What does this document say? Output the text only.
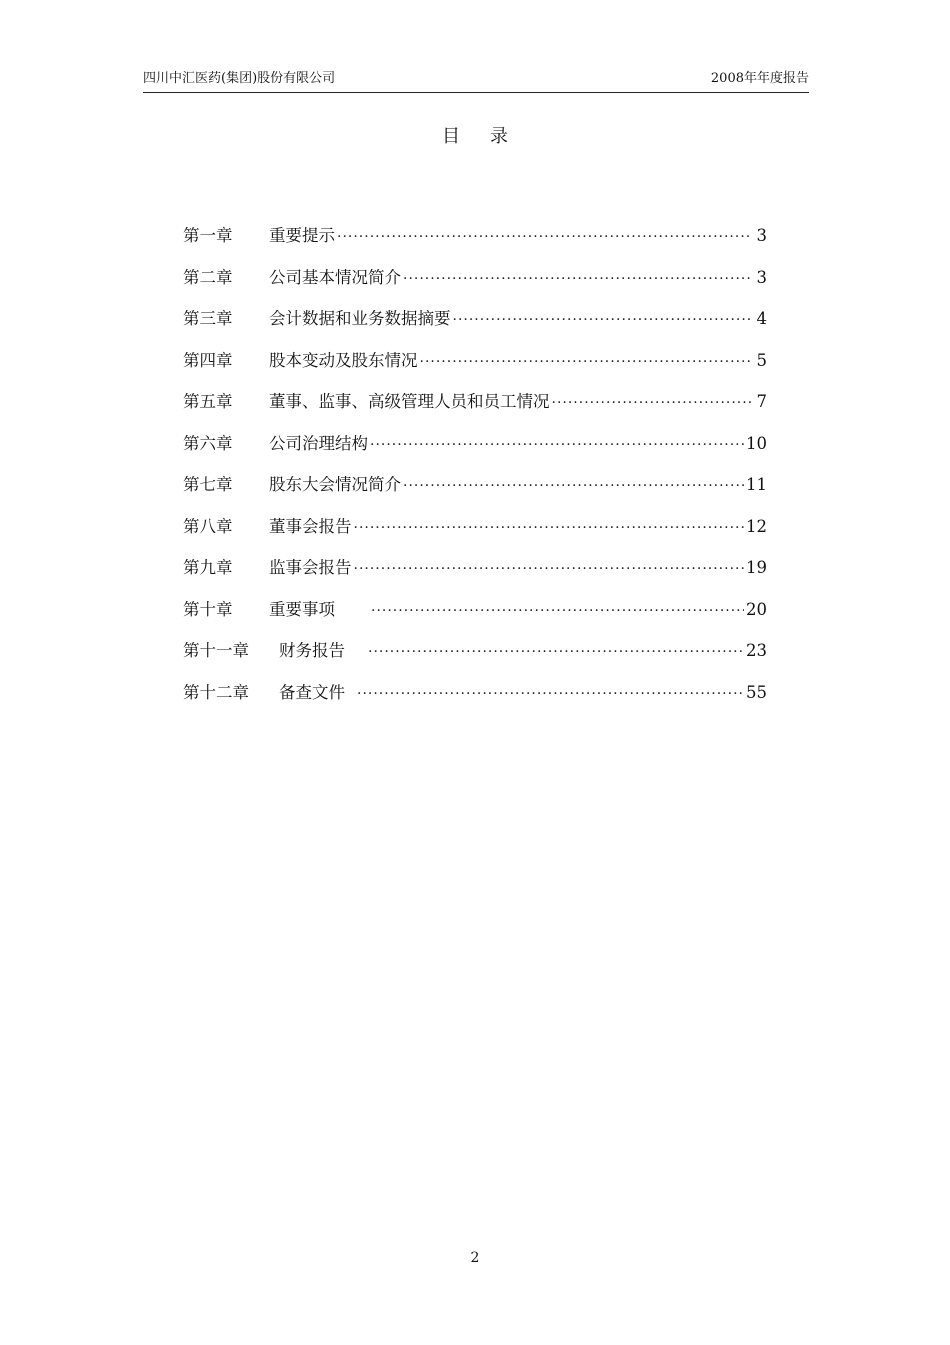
四川中汇医药(集团)股份有限公司	2008年年度报告
目录
第一章	重要提示 ·····	3
第二章	公司基本情况简介 ·····	3
第三章	会计数据和业务数据摘要 ·····	4
第四章	股本变动及股东情况 ·····	5
第五章	董事、监事、高级管理人员和员工情况 ·····	7
第六章	公司治理结构 ·····	10
第七章	股东大会情况简介 ·····	11
第八章	董事会报告 ·····	12
第九章	监事会报告 ·····	19
第十章	重要事项 ·····	20
第十一章	财务报告 ·····	23
第十二章	备查文件 ·····	55
2
